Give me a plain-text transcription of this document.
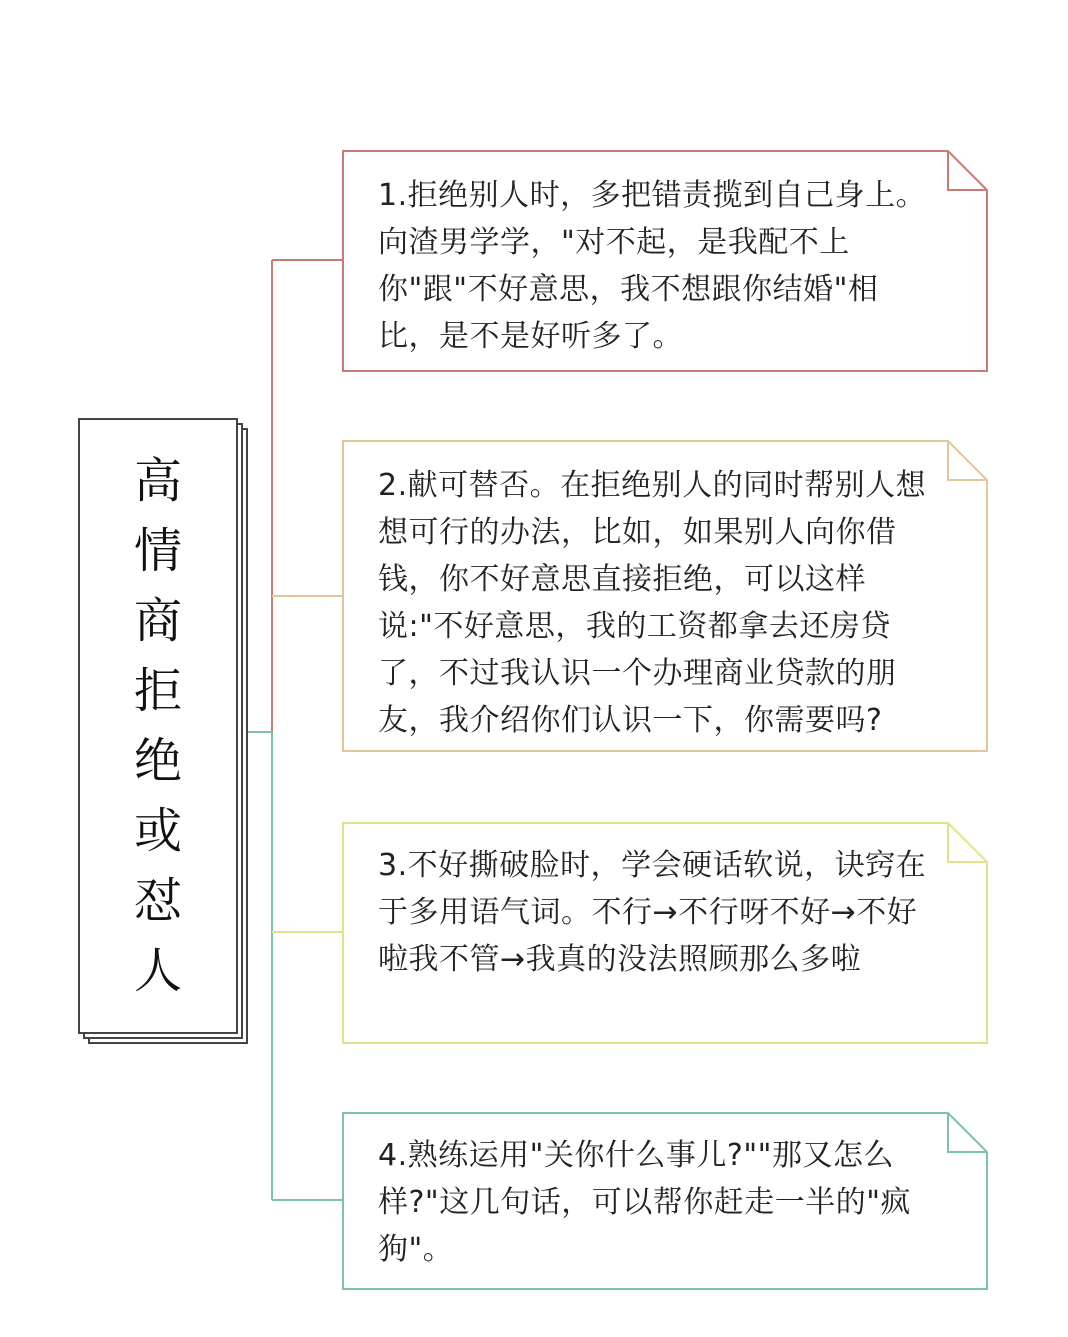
高
情
商
拒
绝
或
怼
人

1.拒绝别人时，多把错责揽到自己身上。向渣男学学，"对不起，是我配不上你"跟"不好意思，我不想跟你结婚"相比，是不是好听多了。

2.献可替否。在拒绝别人的同时帮别人想想可行的办法，比如，如果别人向你借钱，你不好意思直接拒绝，可以这样说:"不好意思，我的工资都拿去还房贷了，不过我认识一个办理商业贷款的朋友，我介绍你们认识一下，你需要吗?

3.不好撕破脸时，学会硬话软说，诀窍在于多用语气词。不行→不行呀不好→不好啦我不管→我真的没法照顾那么多啦

4.熟练运用"关你什么事儿?""那又怎么样?"这几句话，可以帮你赶走一半的"疯狗"。
